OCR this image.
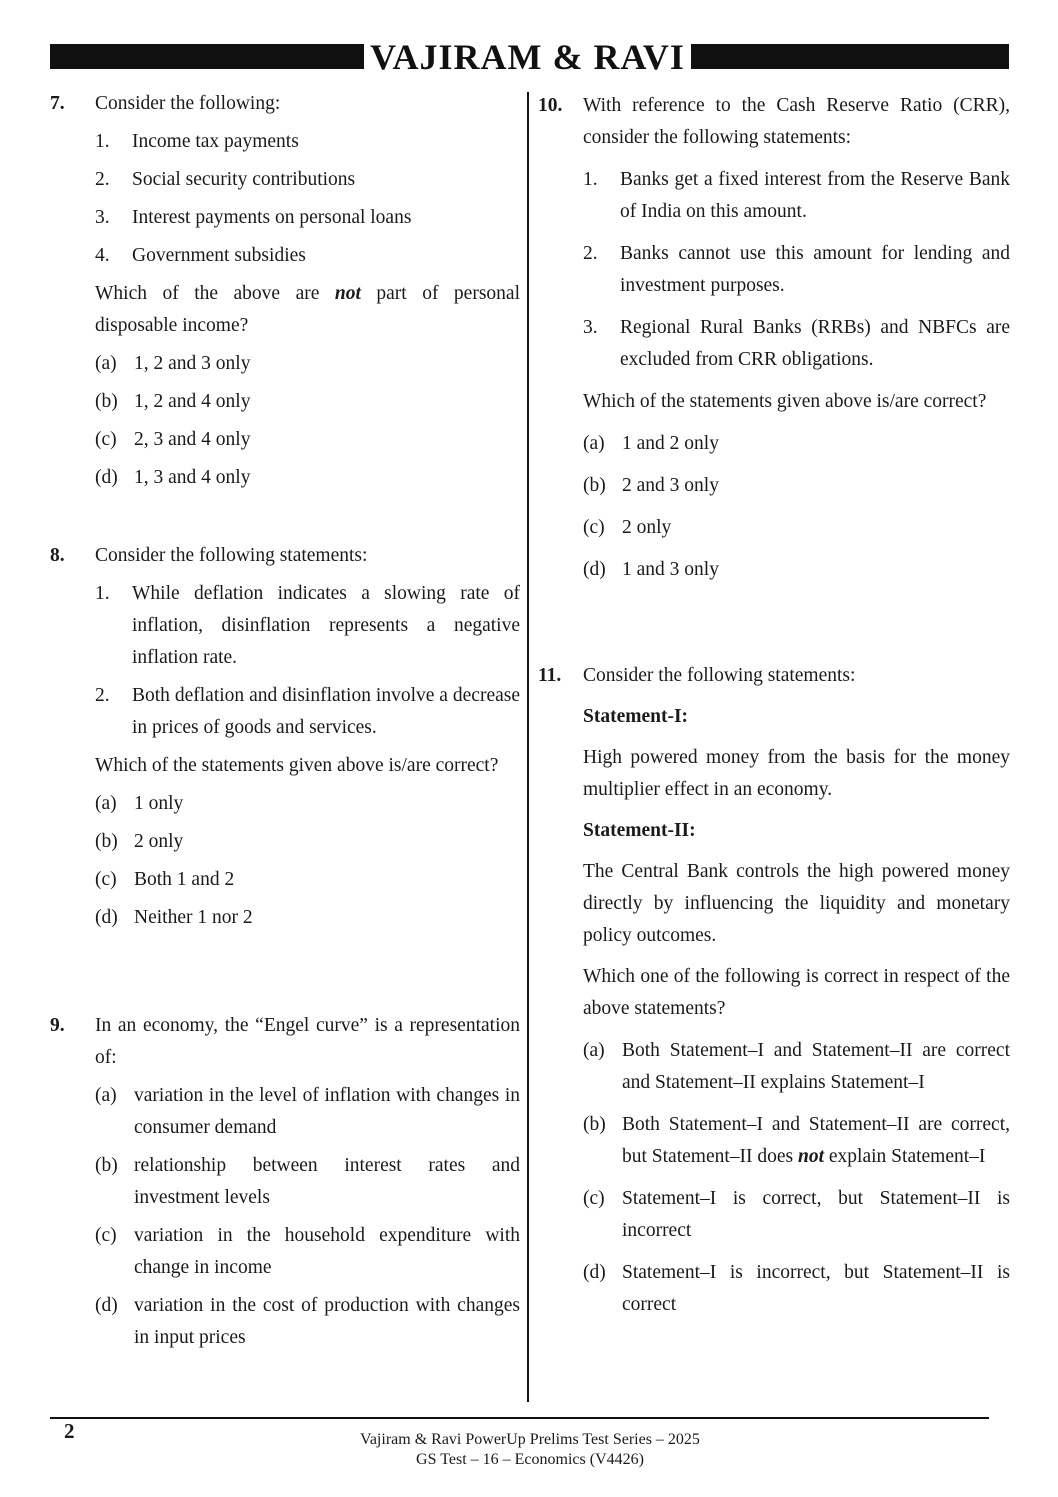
VAJIRAM & RAVI
7. Consider the following:
1.	Income tax payments
2.	Social security contributions
3.	Interest payments on personal loans
4.	Government subsidies
Which of the above are not part of personal disposable income?
(a) 1, 2 and 3 only
(b) 1, 2 and 4 only
(c) 2, 3 and 4 only
(d) 1, 3 and 4 only
8. Consider the following statements:
1.	While deflation indicates a slowing rate of inflation, disinflation represents a negative inflation rate.
2.	Both deflation and disinflation involve a decrease in prices of goods and services.
Which of the statements given above is/are correct?
(a) 1 only
(b) 2 only
(c) Both 1 and 2
(d) Neither 1 nor 2
9. In an economy, the “Engel curve” is a representation of:
(a) variation in the level of inflation with changes in consumer demand
(b) relationship between interest rates and investment levels
(c) variation in the household expenditure with change in income
(d) variation in the cost of production with changes in input prices
10. With reference to the Cash Reserve Ratio (CRR), consider the following statements:
1.	Banks get a fixed interest from the Reserve Bank of India on this amount.
2.	Banks cannot use this amount for lending and investment purposes.
3.	Regional Rural Banks (RRBs) and NBFCs are excluded from CRR obligations.
Which of the statements given above is/are correct?
(a) 1 and 2 only
(b) 2 and 3 only
(c) 2 only
(d) 1 and 3 only
11. Consider the following statements:
Statement-I:
High powered money from the basis for the money multiplier effect in an economy.
Statement-II:
The Central Bank controls the high powered money directly by influencing the liquidity and monetary policy outcomes.
Which one of the following is correct in respect of the above statements?
(a) Both Statement–I and Statement–II are correct and Statement–II explains Statement–I
(b) Both Statement–I and Statement–II are correct, but Statement–II does not explain Statement–I
(c) Statement–I is correct, but Statement–II is incorrect
(d) Statement–I is incorrect, but Statement–II is correct
2	Vajiram & Ravi PowerUp Prelims Test Series – 2025
GS Test – 16 – Economics (V4426)
